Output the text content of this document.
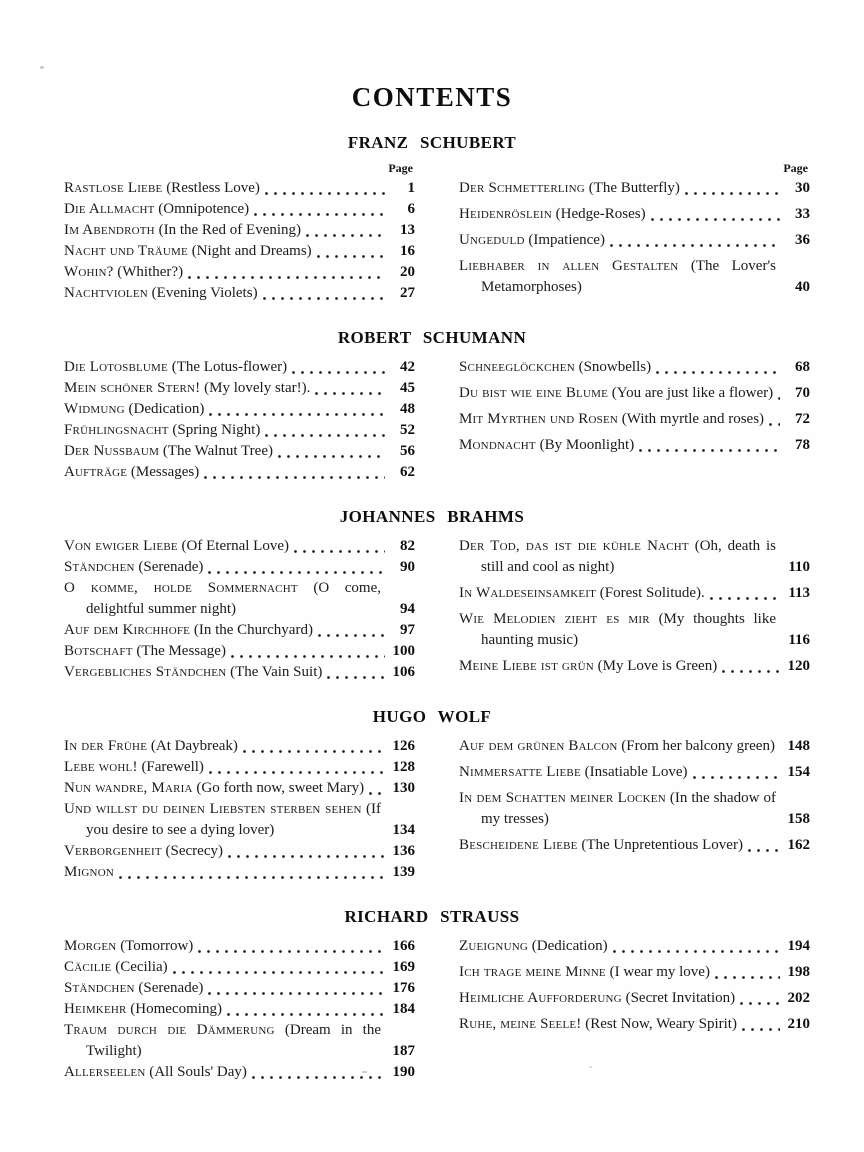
CONTENTS
FRANZ SCHUBERT
Page
Rastlose Liebe (Restless Love)	1
Die Allmacht (Omnipotence)	6
Im Abendroth (In the Red of Evening)	13
Nacht und Träume (Night and Dreams)	16
Wohin? (Whither?)	20
Nachtviolen (Evening Violets)	27
Page
Der Schmetterling (The Butterfly)	30
Heidenröslein (Hedge-Roses)	33
Ungeduld (Impatience)	36
Liebhaber in allen Gestalten (The Lover's Metamorphoses)	40
ROBERT SCHUMANN
Die Lotosblume (The Lotus-flower)	42
Mein schöner Stern! (My lovely star!).	45
Widmung (Dedication)	48
Frühlingsnacht (Spring Night)	52
Der Nussbaum (The Walnut Tree)	56
Aufträge (Messages)	62
Schneeglöckchen (Snowbells)	68
Du bist wie eine Blume (You are just like a flower)	70
Mit Myrthen und Rosen (With myrtle and roses)	72
Mondnacht (By Moonlight)	78
JOHANNES BRAHMS
Von ewiger Liebe (Of Eternal Love)	82
Ständchen (Serenade)	90
O komme, holde Sommernacht (O come, delightful summer night)	94
Auf dem Kirchhofe (In the Churchyard)	97
Botschaft (The Message)	100
Vergebliches Ständchen (The Vain Suit)	106
Der Tod, das ist die kühle Nacht (Oh, death is still and cool as night)	110
In Waldeseinsamkeit (Forest Solitude).	113
Wie Melodien zieht es mir (My thoughts like haunting music)	116
Meine Liebe ist grün (My Love is Green)	120
HUGO WOLF
In der Frühe (At Daybreak)	126
Lebe wohl! (Farewell)	128
Nun wandre, Maria (Go forth now, sweet Mary) 130
Und willst du deinen Liebsten sterben sehen (If you desire to see a dying lover)	134
Verborgenheit (Secrecy)	136
Mignon	139
Auf dem grünen Balcon (From her balcony green) 148
Nimmersatte Liebe (Insatiable Love)	154
In dem Schatten meiner Locken (In the shadow of my tresses)	158
Bescheidene Liebe (The Unpretentious Lover)	162
RICHARD STRAUSS
Morgen (Tomorrow)	166
Cäcilie (Cecilia)	169
Ständchen (Serenade)	176
Heimkehr (Homecoming)	184
Traum durch die Dämmerung (Dream in the Twilight)	187
Allerseelen (All Souls' Day)	190
Zueignung (Dedication)	194
Ich trage meine Minne (I wear my love)	198
Heimliche Aufforderung (Secret Invitation)	202
Ruhe, meine Seele! (Rest Now, Weary Spirit)	210
